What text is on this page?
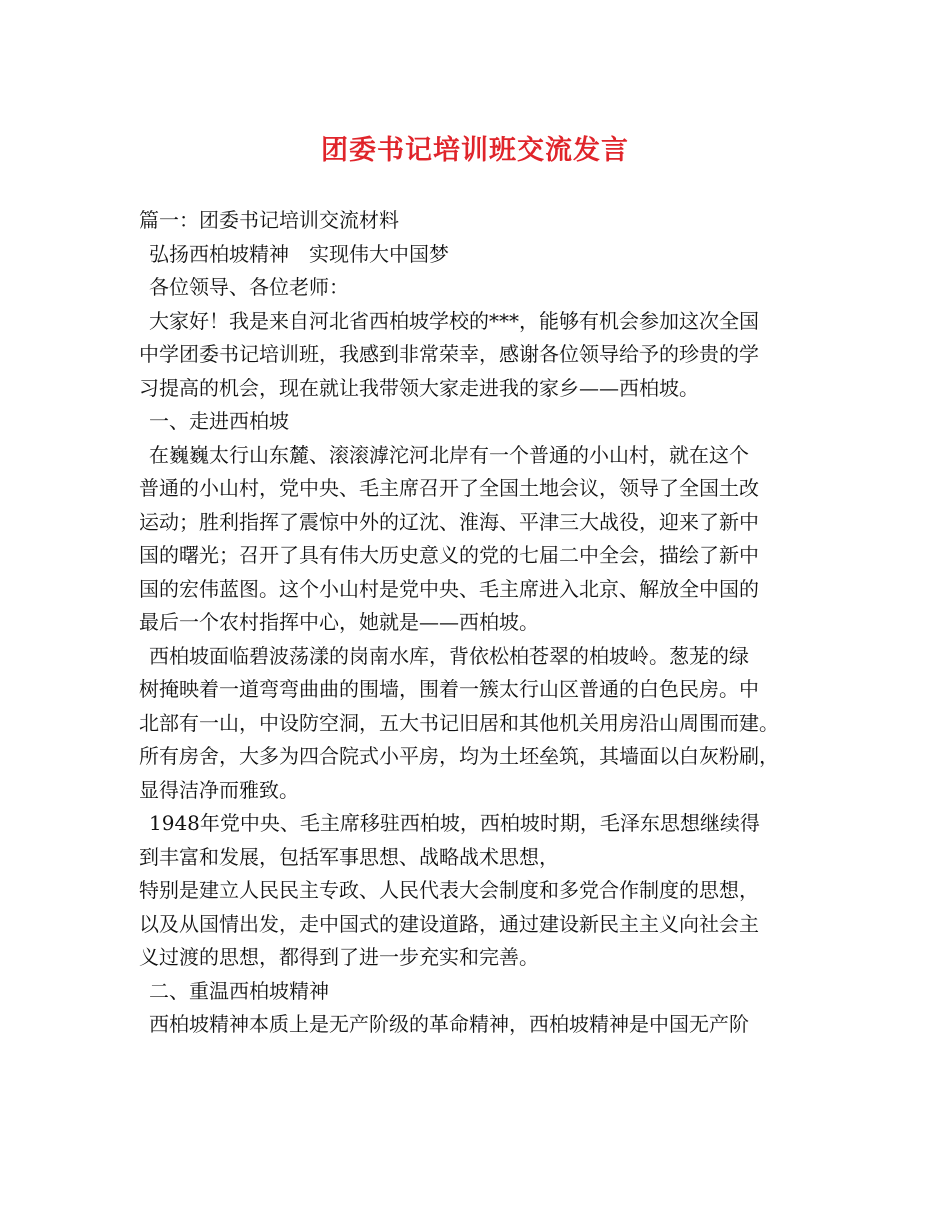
团委书记培训班交流发言
篇一：团委书记培训交流材料
弘扬西柏坡精神　实现伟大中国梦
各位领导、各位老师：
大家好！我是来自河北省西柏坡学校的***，能够有机会参加这次全国
中学团委书记培训班，我感到非常荣幸，感谢各位领导给予的珍贵的学
习提高的机会，现在就让我带领大家走进我的家乡——西柏坡。
一、走进西柏坡
在巍巍太行山东麓、滚滚滹沱河北岸有一个普通的小山村，就在这个
普通的小山村，党中央、毛主席召开了全国土地会议，领导了全国土改
运动；胜利指挥了震惊中外的辽沈、淮海、平津三大战役，迎来了新中
国的曙光；召开了具有伟大历史意义的党的七届二中全会，描绘了新中
国的宏伟蓝图。这个小山村是党中央、毛主席进入北京、解放全中国的
最后一个农村指挥中心，她就是——西柏坡。
西柏坡面临碧波荡漾的岗南水库，背依松柏苍翠的柏坡岭。葱茏的绿
树掩映着一道弯弯曲曲的围墙，围着一簇太行山区普通的白色民房。中
北部有一山，中设防空洞，五大书记旧居和其他机关用房沿山周围而建。
所有房舍，大多为四合院式小平房，均为土坯垒筑，其墙面以白灰粉刷，
显得洁净而雅致。
1948年党中央、毛主席移驻西柏坡，西柏坡时期，毛泽东思想继续得
到丰富和发展，包括军事思想、战略战术思想，
特别是建立人民民主专政、人民代表大会制度和多党合作制度的思想，
以及从国情出发，走中国式的建设道路，通过建设新民主主义向社会主
义过渡的思想，都得到了进一步充实和完善。
二、重温西柏坡精神
西柏坡精神本质上是无产阶级的革命精神，西柏坡精神是中国无产阶
